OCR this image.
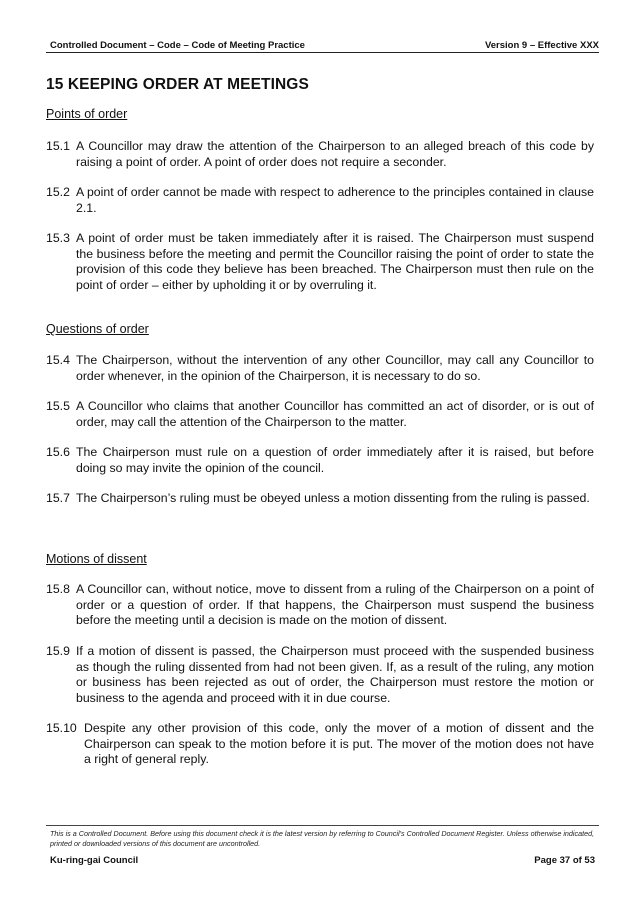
Controlled Document – Code – Code of Meeting Practice	Version 9 – Effective XXX
15 KEEPING ORDER AT MEETINGS
Points of order
15.1 A Councillor may draw the attention of the Chairperson to an alleged breach of this code by raising a point of order. A point of order does not require a seconder.
15.2 A point of order cannot be made with respect to adherence to the principles contained in clause 2.1.
15.3 A point of order must be taken immediately after it is raised. The Chairperson must suspend the business before the meeting and permit the Councillor raising the point of order to state the provision of this code they believe has been breached. The Chairperson must then rule on the point of order – either by upholding it or by overruling it.
Questions of order
15.4 The Chairperson, without the intervention of any other Councillor, may call any Councillor to order whenever, in the opinion of the Chairperson, it is necessary to do so.
15.5 A Councillor who claims that another Councillor has committed an act of disorder, or is out of order, may call the attention of the Chairperson to the matter.
15.6 The Chairperson must rule on a question of order immediately after it is raised, but before doing so may invite the opinion of the council.
15.7 The Chairperson’s ruling must be obeyed unless a motion dissenting from the ruling is passed.
Motions of dissent
15.8 A Councillor can, without notice, move to dissent from a ruling of the Chairperson on a point of order or a question of order. If that happens, the Chairperson must suspend the business before the meeting until a decision is made on the motion of dissent.
15.9 If a motion of dissent is passed, the Chairperson must proceed with the suspended business as though the ruling dissented from had not been given. If, as a result of the ruling, any motion or business has been rejected as out of order, the Chairperson must restore the motion or business to the agenda and proceed with it in due course.
15.10 Despite any other provision of this code, only the mover of a motion of dissent and the Chairperson can speak to the motion before it is put. The mover of the motion does not have a right of general reply.
This is a Controlled Document. Before using this document check it is the latest version by referring to Council’s Controlled Document Register. Unless otherwise indicated, printed or downloaded versions of this document are uncontrolled.
Ku-ring-gai Council	Page 37 of 53
